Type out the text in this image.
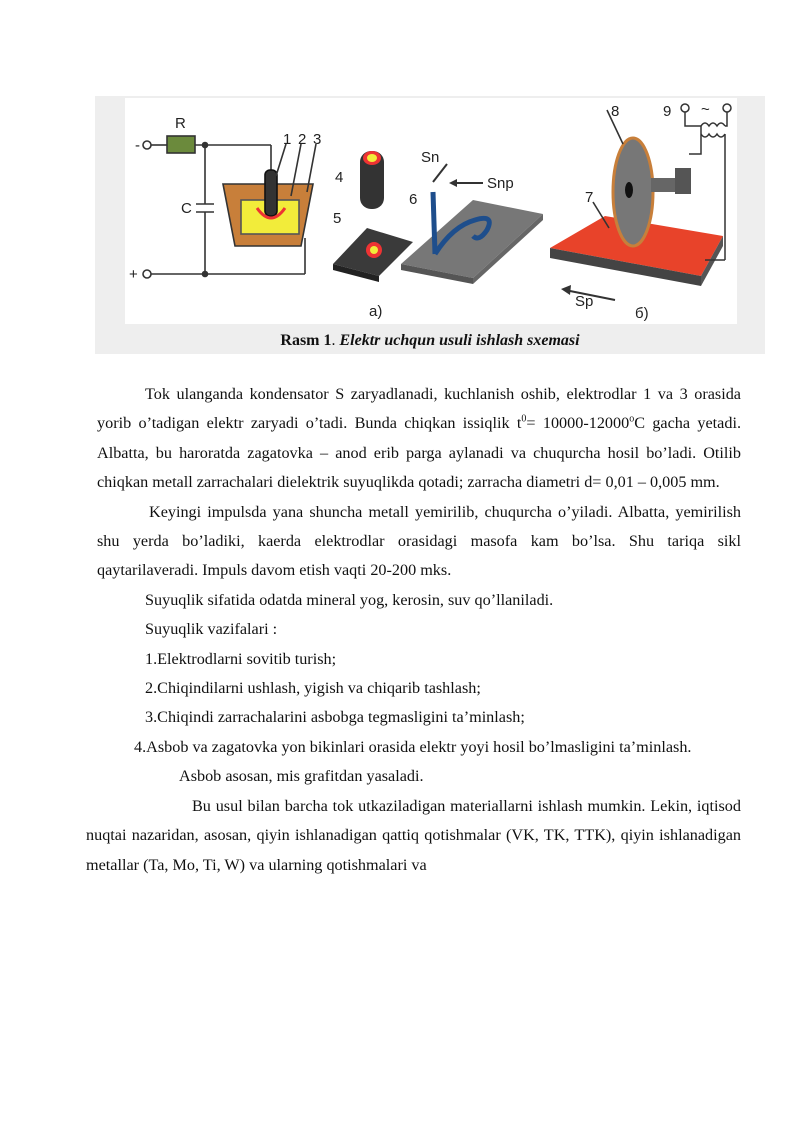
-
+
R
C
1 2 3
4
5
Sn
Snp
6
а)
8	9 ~
7
Sp
б)
Rasm 1. Elektr uchqun usuli ishlash sxemasi

Tok ulanganda kondensator S zaryadlanadi, kuchlanish oshib, elektrodlar 1 va 3 orasida yorib o’tadigan elektr zaryadi o’tadi. Bunda chiqkan issiqlik $t^0= 10000-12000^oC$ gacha yetadi. Albatta, bu haroratda zagatovka – anod erib parga aylanadi va chuqurcha hosil bo’ladi. Otilib chiqkan metall zarrachalari dielektrik suyuqlikda qotadi; zarracha diametri d= 0,01 – 0,005 mm.

Keyingi impulsda yana shuncha metall yemirilib, chuqurcha o’yiladi. Albatta, yemirilish shu yerda bo’ladiki, kaerda elektrodlar orasidagi masofa kam bo’lsa. Shu tariqa sikl qaytarilaveradi. Impuls davom etish vaqti 20-200 mks.

Suyuqlik sifatida odatda mineral yog, kerosin, suv qo’llaniladi.

Suyuqlik vazifalari :

1.Elektrodlarni sovitib turish;

2.Chiqindilarni ushlash, yigish va chiqarib tashlash;

3.Chiqindi zarrachalarini asbobga tegmasligini ta’minlash;

4.Asbob va zagatovka yon bikinlari orasida elektr yoyi hosil bo’lmasligini ta’minlash.

Asbob asosan, mis grafitdan yasaladi.

Bu usul bilan barcha tok utkaziladigan materiallarni ishlash mumkin. Lekin, iqtisod nuqtai nazaridan, asosan, qiyin ishlanadigan qattiq qotishmalar (VK, TK, TTK), qiyin ishlanadigan metallar (Ta, Mo, Ti, W) va ularning qotishmalari va
